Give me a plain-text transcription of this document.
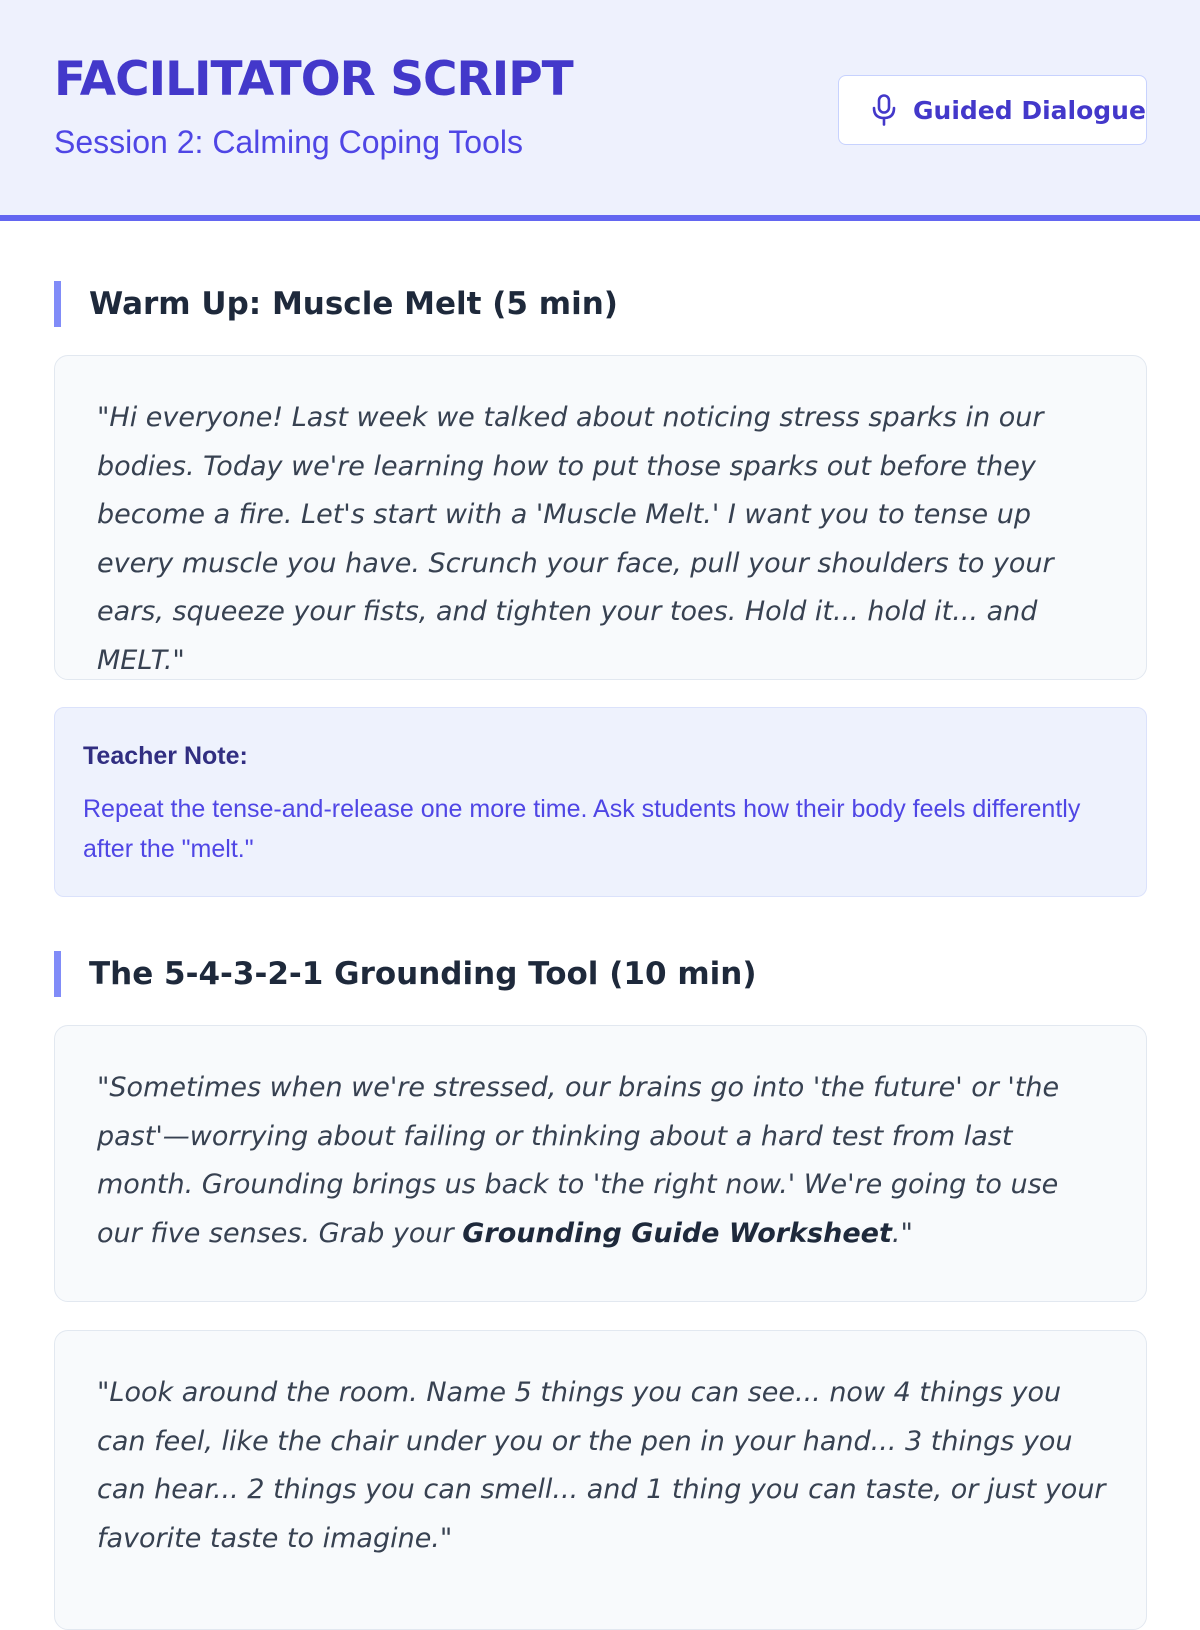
FACILITATOR SCRIPT
Session 2: Calming Coping Tools
Guided Dialogue
Warm Up: Muscle Melt (5 min)

"Hi everyone! Last week we talked about noticing stress sparks in our bodies. Today we're learning how to put those sparks out before they become a fire. Let's start with a 'Muscle Melt.' I want you to tense up every muscle you have. Scrunch your face, pull your shoulders to your ears, squeeze your fists, and tighten your toes. Hold it... hold it... and MELT."

Teacher Note:
Repeat the tense-and-release one more time. Ask students how their body feels differently after the "melt."
The 5-4-3-2-1 Grounding Tool (10 min)

"Sometimes when we're stressed, our brains go into 'the future' or 'the past'—worrying about failing or thinking about a hard test from last month. Grounding brings us back to 'the right now.' We're going to use our five senses. Grab your Grounding Guide Worksheet."

"Look around the room. Name 5 things you can see... now 4 things you can feel, like the chair under you or the pen in your hand... 3 things you can hear... 2 things you can smell... and 1 thing you can taste, or just your favorite taste to imagine."
